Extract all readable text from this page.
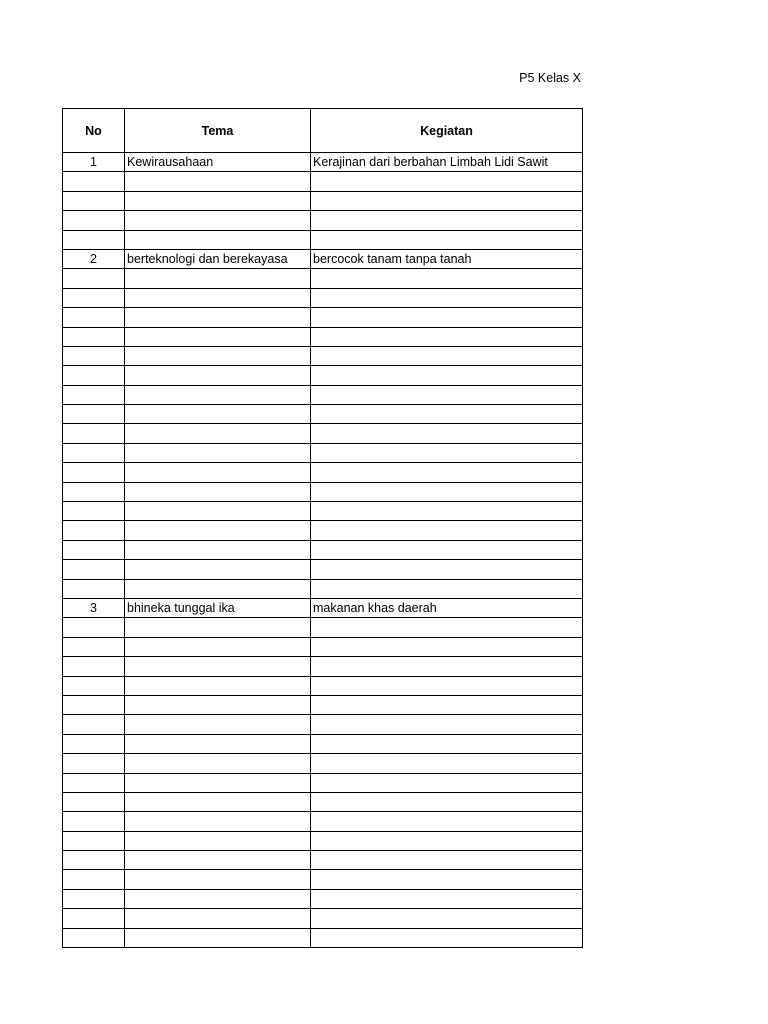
P5 Kelas X
No	Tema	Kegiatan
1	Kewirausahaan	Kerajinan dari berbahan Limbah Lidi Sawit

2	berteknologi dan berekayasa	bercocok tanam tanpa tanah

3	bhineka tunggal ika	makanan khas daerah
